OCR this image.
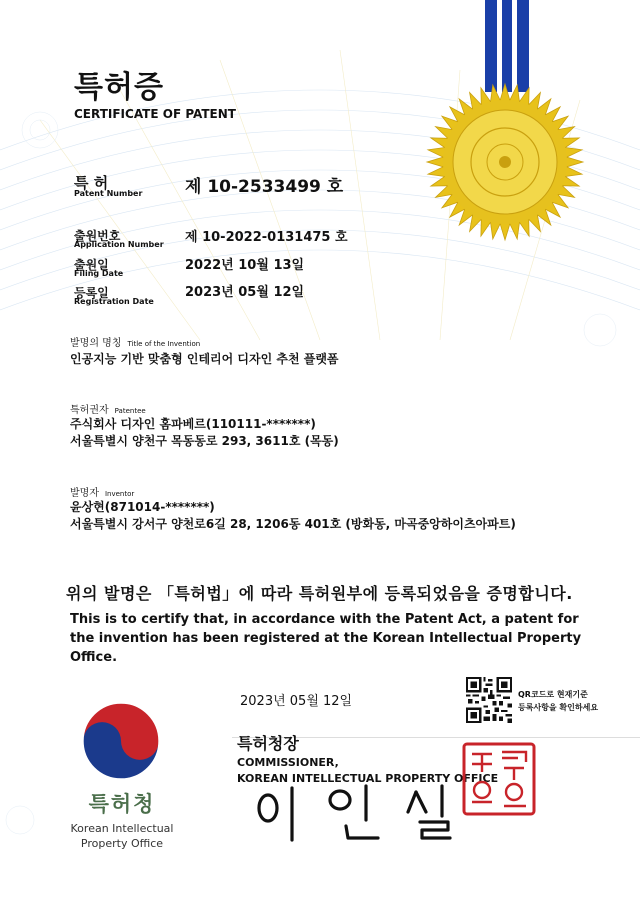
특허증
CERTIFICATE OF PATENT
특 허
Patent Number	제 10-2533499 호
출원번호
Application Number 제 10-2022-0131475 호
출원일
Filing Date
2022년 10월 13일
등록일
Registration Date
2023년 05월 12일
발명의 명칭 Title of the Invention
인공지능 기반 맞춤형 인테리어 디자인 추천 플랫폼
특허권자 Patentee
주식회사 디자인 홈파베르(110111-*******)
서울특별시 양천구 목동동로 293, 3611호 (목동)
발명자 Inventor
윤상현(871014-*******)
서울특별시 강서구 양천로6길 28, 1206동 401호 (방화동, 마곡중앙하이츠아파트)
위의 발명은 「특허법」에 따라 특허원부에 등록되었음을 증명합니다.
This is to certify that, in accordance with the Patent Act, a patent for the invention has been registered at the Korean Intellectual Property Office.
2023년 05월 12일	QR코드로 현재기준
등록사항을 확인하세요
특허청장
COMMISSIONER,
KOREAN INTELLECTUAL PROPERTY OFFICE
특허청
Korean Intellectual
Property Office
